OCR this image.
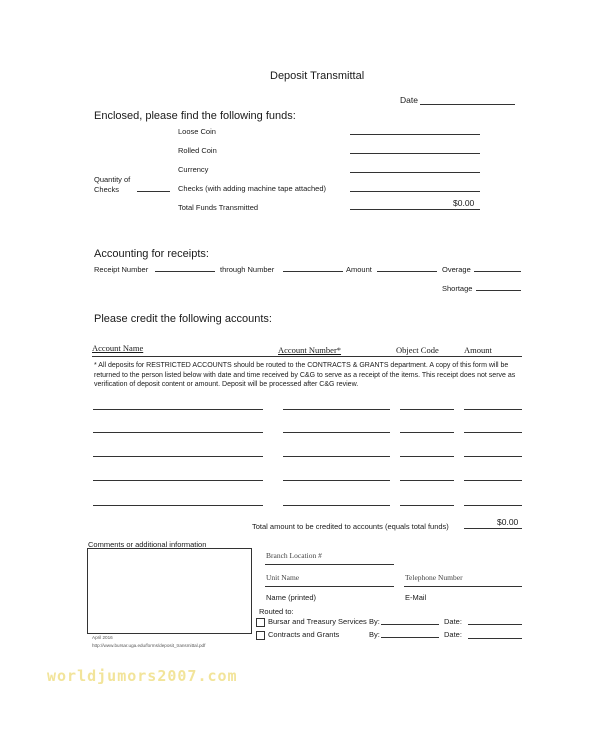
Deposit Transmittal
Date
Enclosed, please find the following funds:
Loose Coin
Rolled Coin
Currency
Quantity of
Checks	Checks (with adding machine tape attached)
Total Funds Transmitted	$0.00
Accounting for receipts:
Receipt Number	through Number	Amount	Overage
Shortage
Please credit the following accounts:
Account Name	Account Number*	Object Code	Amount
* All deposits for RESTRICTED ACCOUNTS should be routed to the CONTRACTS & GRANTS department. A copy of this form will be returned to the person listed below with date and time received by C&G to serve as a receipt of the items. This receipt does not serve as verification of deposit content or amount. Deposit will be processed after C&G review.
Total amount to be credited to accounts (equals total funds)	$0.00
Comments or additional information
Branch Location #
Unit Name	Telephone Number
Name (printed)	E-Mail
Routed to:
Bursar and Treasury Services By:	Date:
Contracts and Grants	By:	Date:
April 2016
http://www.bursar.uga.edu/forms/deposit_transmittal.pdf
worldjumors2007.com
